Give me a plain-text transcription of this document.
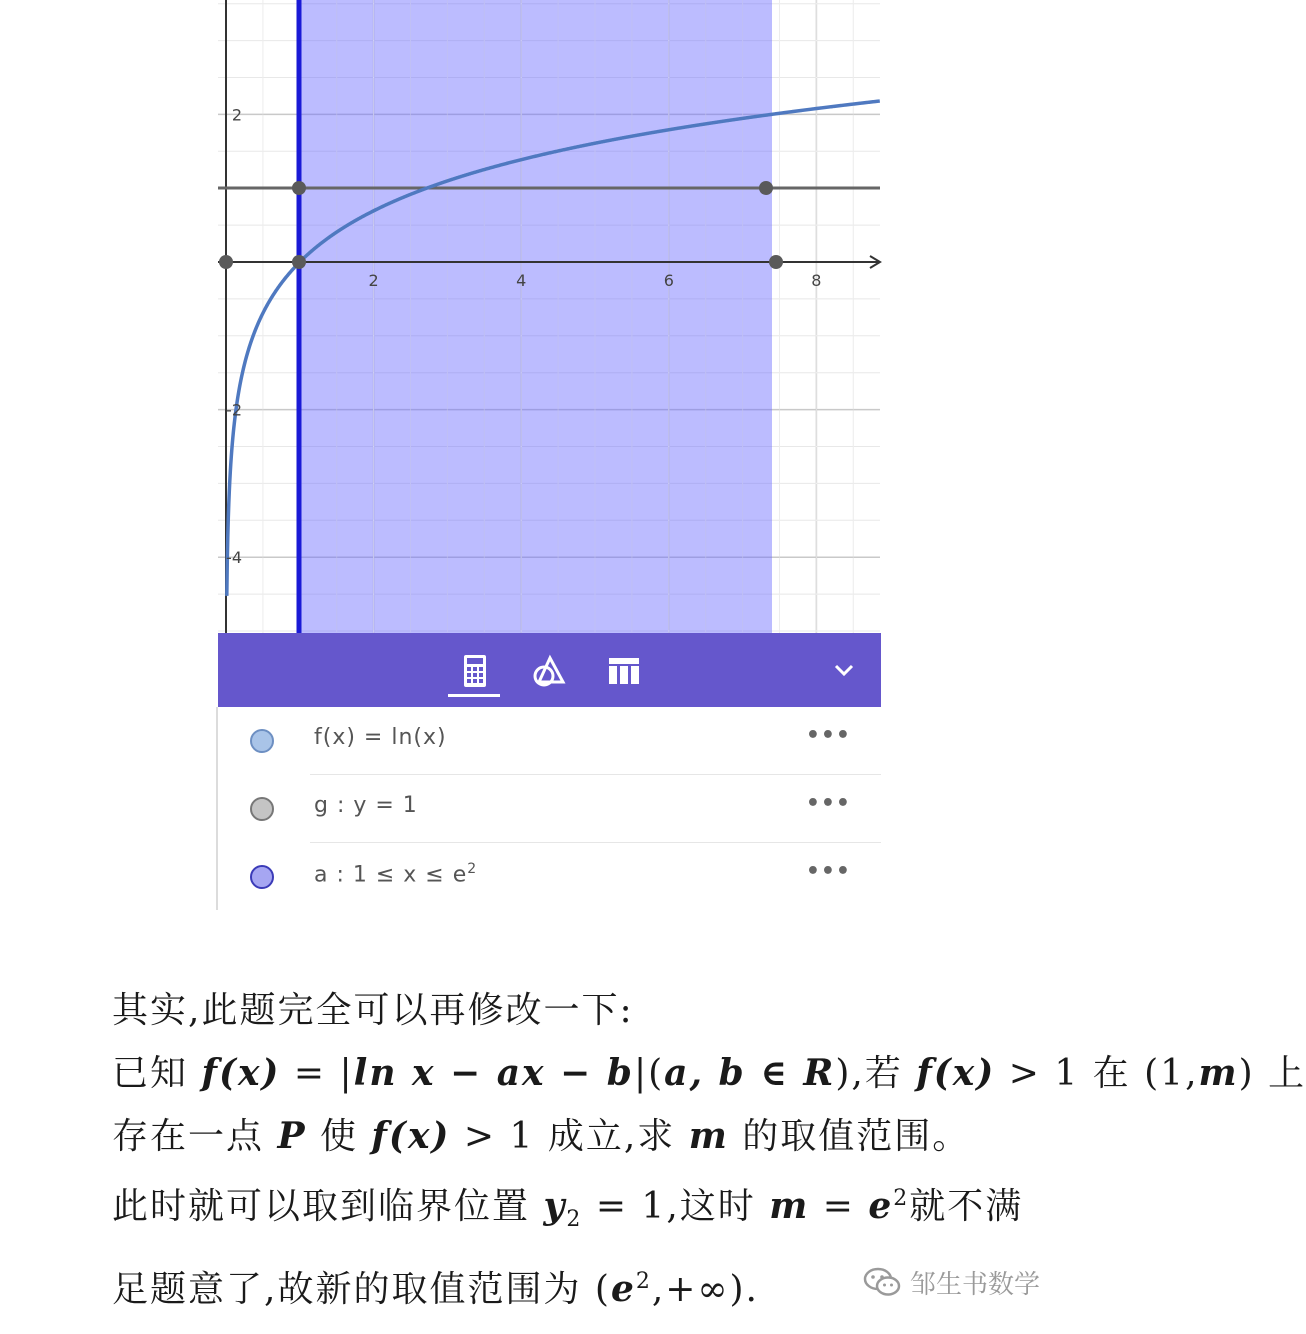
2	4	6	8
2
-2
-4
f(x) = ln(x)	•••
g : y = 1	•••
a : $1 \le x \le e^2$	•••
其实,此题完全可以再修改一下:
已知 f(x) = |ln x − ax − b|(a, b ∈ R),若 f(x) > 1 在 (1,m) 上
存在一点 P 使 f(x) > 1 成立,求 m 的取值范围。
此时就可以取到临界位置 $y_2 = 1$,这时 $m = e^2$就不满
足题意了,故新的取值范围为 $(e^2,+\infty)$.	邹生书数学
